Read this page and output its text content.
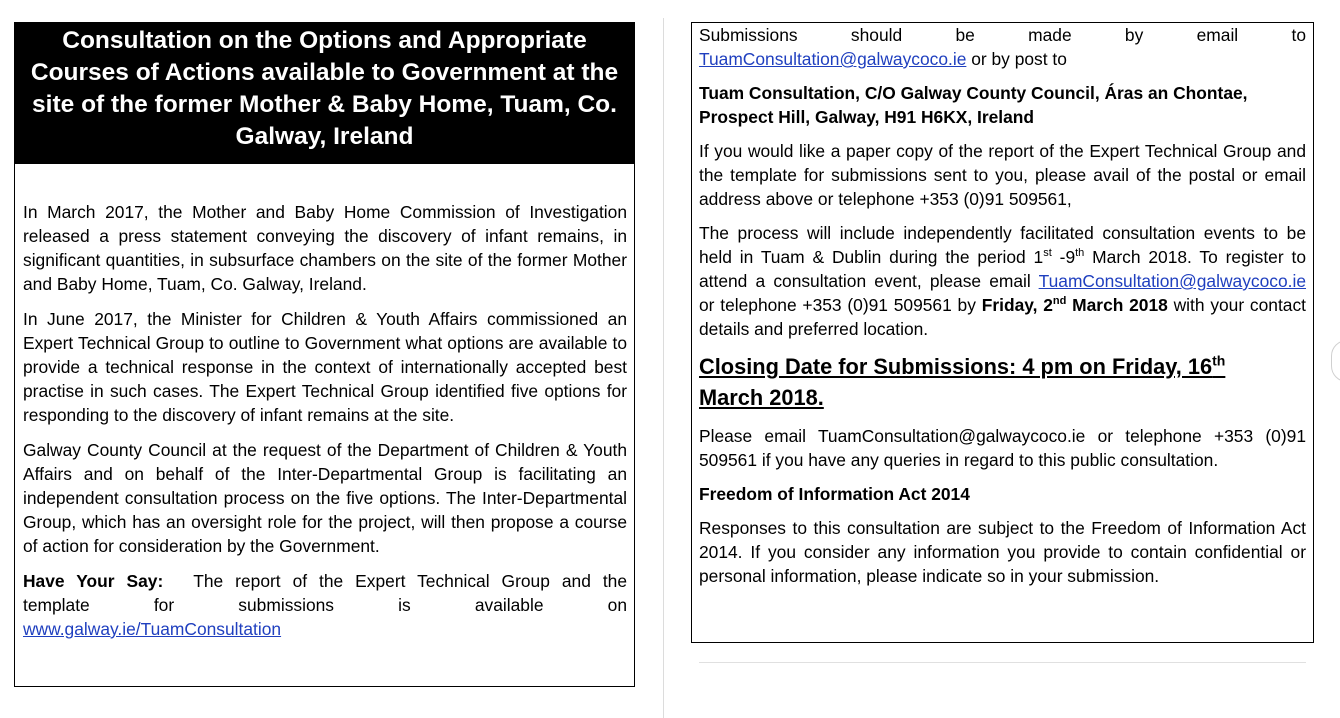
Consultation on the Options and Appropriate Courses of Actions available to Government at the site of the former Mother & Baby Home, Tuam, Co. Galway, Ireland

In March 2017, the Mother and Baby Home Commission of Investigation released a press statement conveying the discovery of infant remains, in significant quantities, in subsurface chambers on the site of the former Mother and Baby Home, Tuam, Co. Galway, Ireland.

In June 2017, the Minister for Children & Youth Affairs commissioned an Expert Technical Group to outline to Government what options are available to provide a technical response in the context of internationally accepted best practise in such cases. The Expert Technical Group identified five options for responding to the discovery of infant remains at the site.

Galway County Council at the request of the Department of Children & Youth Affairs and on behalf of the Inter-Departmental Group is facilitating an independent consultation process on the five options. The Inter-Departmental Group, which has an oversight role for the project, will then propose a course of action for consideration by the Government.

Have Your Say: The report of the Expert Technical Group and the template for submissions is available on

www.galway.ie/TuamConsultation

Submissions should be made by email to

TuamConsultation@galwaycoco.ie or by post to

Tuam Consultation, C/O Galway County Council, Áras an Chontae, Prospect Hill, Galway, H91 H6KX, Ireland

If you would like a paper copy of the report of the Expert Technical Group and the template for submissions sent to you, please avail of the postal or email address above or telephone +353 (0)91 509561,

The process will include independently facilitated consultation events to be held in Tuam & Dublin during the period 1st -9th March 2018. To register to attend a consultation event, please email TuamConsultation@galwaycoco.ie or telephone +353 (0)91 509561 by Friday, 2nd March 2018 with your contact details and preferred location.

Closing Date for Submissions: 4 pm on Friday, 16th
March 2018.

Please email TuamConsultation@galwaycoco.ie or telephone +353 (0)91 509561 if you have any queries in regard to this public consultation.

Freedom of Information Act 2014

Responses to this consultation are subject to the Freedom of Information Act 2014. If you consider any information you provide to contain confidential or personal information, please indicate so in your submission.
